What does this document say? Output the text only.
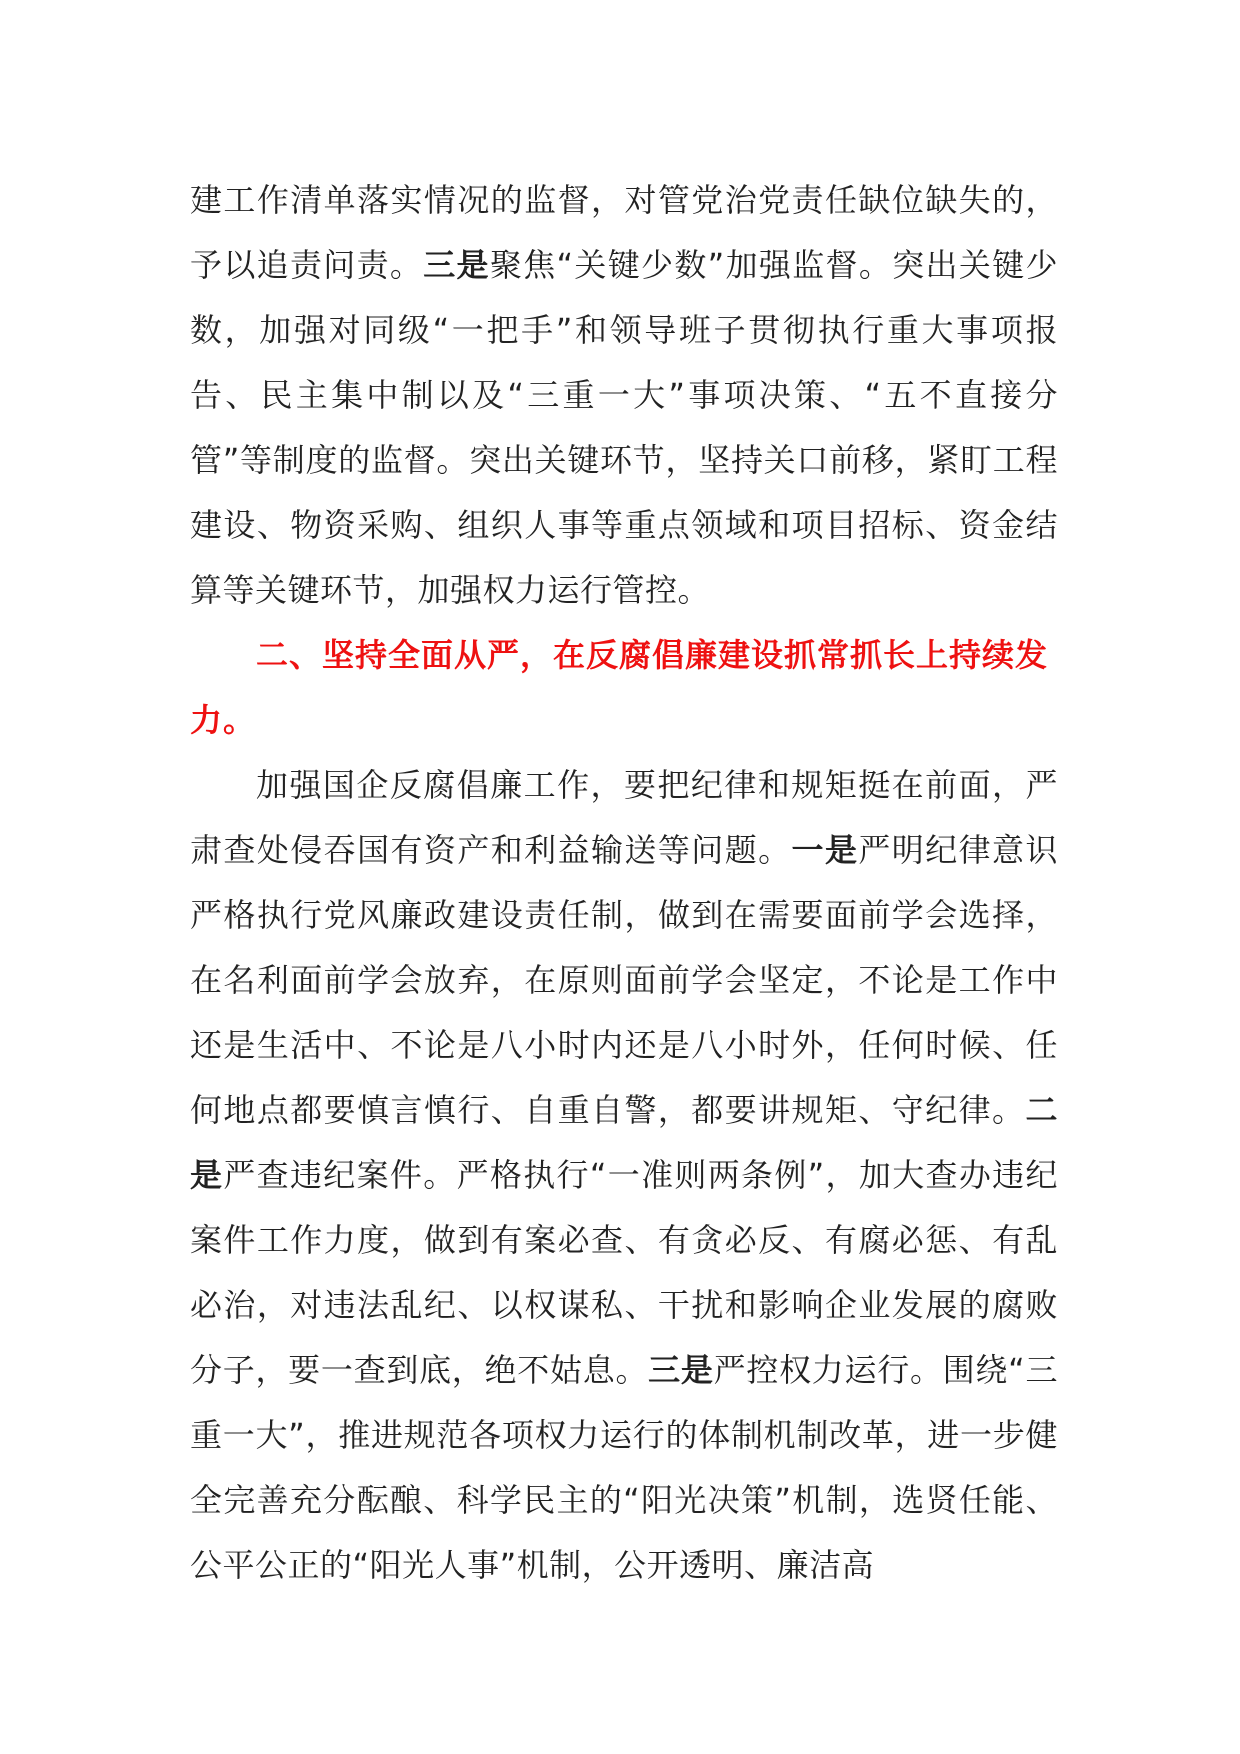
建工作清单落实情况的监督，对管党治党责任缺位缺失的，予以追责问责。三是聚焦“关键少数”加强监督。突出关键少数，加强对同级“一把手”和领导班子贯彻执行重大事项报告、民主集中制以及“三重一大”事项决策、“五不直接分管”等制度的监督。突出关键环节，坚持关口前移，紧盯工程建设、物资采购、组织人事等重点领域和项目招标、资金结算等关键环节，加强权力运行管控。

二、坚持全面从严，在反腐倡廉建设抓常抓长上持续发力。

加强国企反腐倡廉工作，要把纪律和规矩挺在前面，严肃查处侵吞国有资产和利益输送等问题。一是严明纪律意识严格执行党风廉政建设责任制，做到在需要面前学会选择，在名利面前学会放弃，在原则面前学会坚定，不论是工作中还是生活中、不论是八小时内还是八小时外，任何时候、任何地点都要慎言慎行、自重自警，都要讲规矩、守纪律。二是严查违纪案件。严格执行“一准则两条例”，加大查办违纪案件工作力度，做到有案必查、有贪必反、有腐必惩、有乱必治，对违法乱纪、以权谋私、干扰和影响企业发展的腐败分子，要一查到底，绝不姑息。三是严控权力运行。围绕“三重一大”，推进规范各项权力运行的体制机制改革，进一步健全完善充分酝酿、科学民主的“阳光决策”机制，选贤任能、公平公正的“阳光人事”机制，公开透明、廉洁高
